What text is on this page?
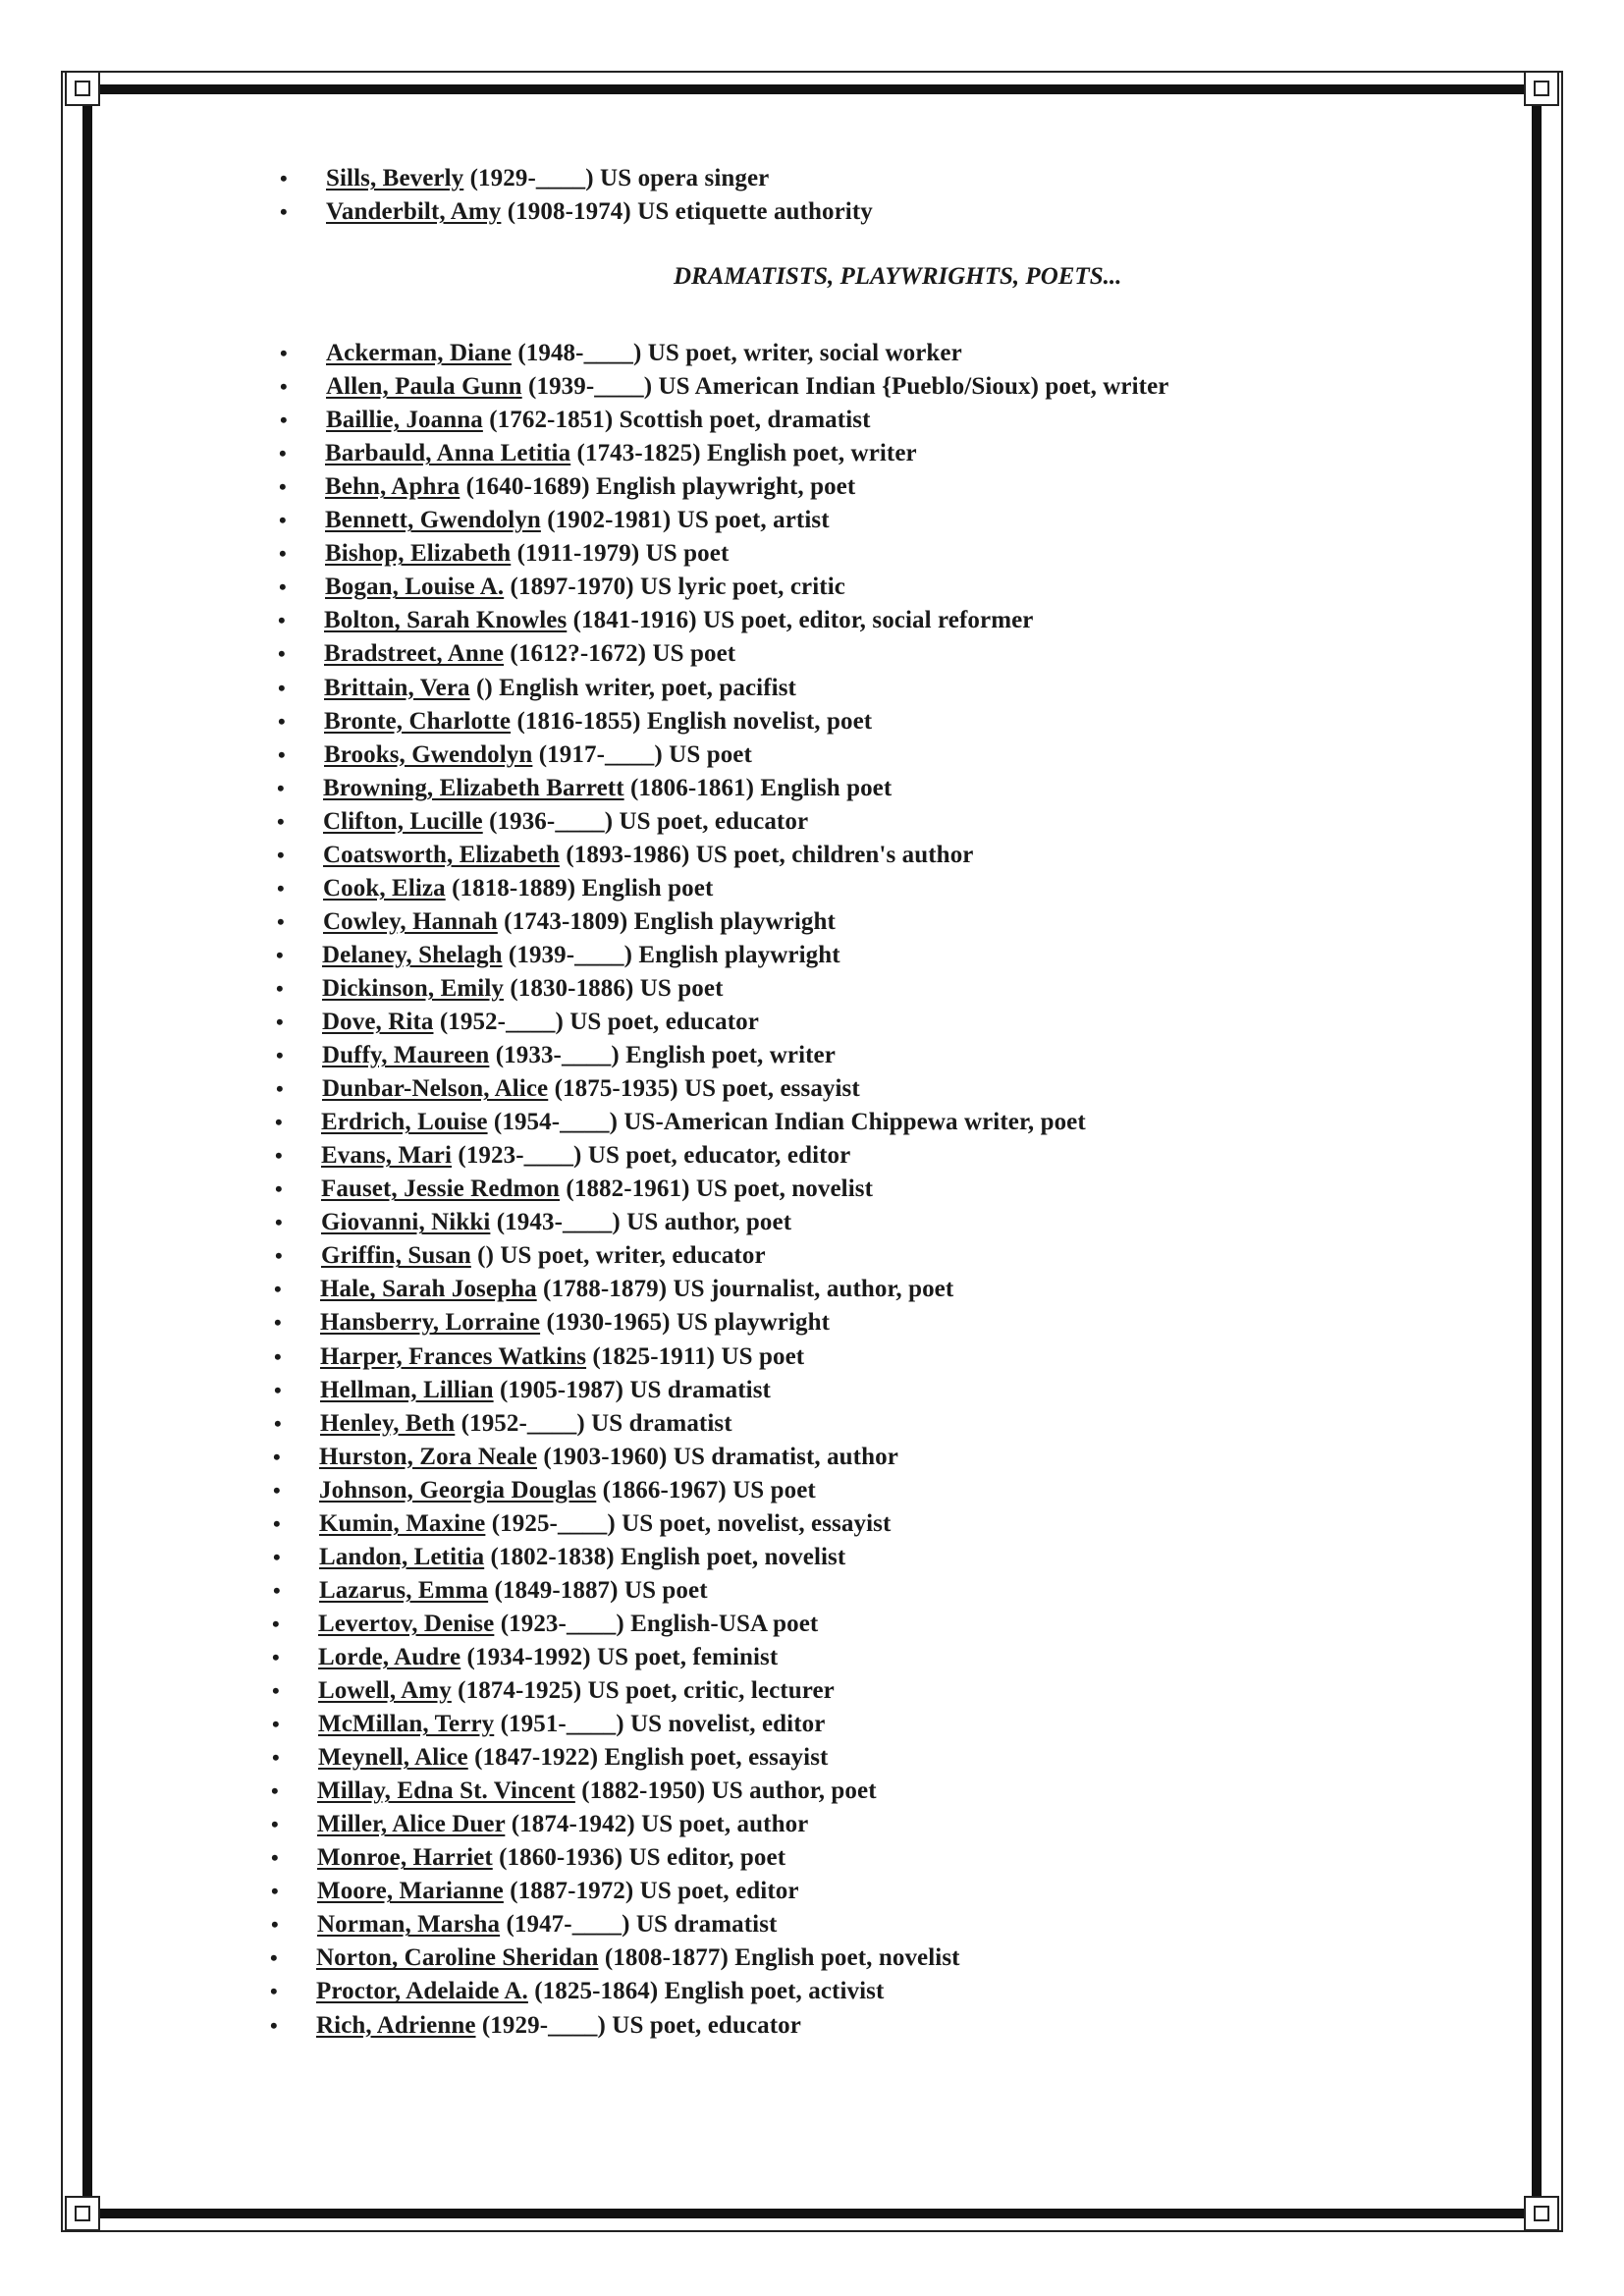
DRAMATISTS, PLAYWRIGHTS, POETS...
• Sills, Beverly (1929-____) US opera singer
• Vanderbilt, Amy (1908-1974) US etiquette authority
• Ackerman, Diane (1948-____) US poet, writer, social worker
• Allen, Paula Gunn (1939-____) US American Indian {Pueblo/Sioux) poet, writer
• Baillie, Joanna (1762-1851) Scottish poet, dramatist
• Barbauld, Anna Letitia (1743-1825) English poet, writer
• Behn, Aphra (1640-1689) English playwright, poet
• Bennett, Gwendolyn (1902-1981) US poet, artist
• Bishop, Elizabeth (1911-1979) US poet
• Bogan, Louise A. (1897-1970) US lyric poet, critic
• Bolton, Sarah Knowles (1841-1916) US poet, editor, social reformer
• Bradstreet, Anne (1612?-1672) US poet
• Brittain, Vera () English writer, poet, pacifist
• Bronte, Charlotte (1816-1855) English novelist, poet
• Brooks, Gwendolyn (1917-____) US poet
• Browning, Elizabeth Barrett (1806-1861) English poet
• Clifton, Lucille (1936-____) US poet, educator
• Coatsworth, Elizabeth (1893-1986) US poet, children's author
• Cook, Eliza (1818-1889) English poet
• Cowley, Hannah (1743-1809) English playwright
• Delaney, Shelagh (1939-____) English playwright
• Dickinson, Emily (1830-1886) US poet
• Dove, Rita (1952-____) US poet, educator
• Duffy, Maureen (1933-____) English poet, writer
• Dunbar-Nelson, Alice (1875-1935) US poet, essayist
• Erdrich, Louise (1954-____) US-American Indian Chippewa writer, poet
• Evans, Mari (1923-____) US poet, educator, editor
• Fauset, Jessie Redmon (1882-1961) US poet, novelist
• Giovanni, Nikki (1943-____) US author, poet
• Griffin, Susan () US poet, writer, educator
• Hale, Sarah Josepha (1788-1879) US journalist, author, poet
• Hansberry, Lorraine (1930-1965) US playwright
• Harper, Frances Watkins (1825-1911) US poet
• Hellman, Lillian (1905-1987) US dramatist
• Henley, Beth (1952-____) US dramatist
• Hurston, Zora Neale (1903-1960) US dramatist, author
• Johnson, Georgia Douglas (1866-1967) US poet
• Kumin, Maxine (1925-____) US poet, novelist, essayist
• Landon, Letitia (1802-1838) English poet, novelist
• Lazarus, Emma (1849-1887) US poet
• Levertov, Denise (1923-____) English-USA poet
• Lorde, Audre (1934-1992) US poet, feminist
• Lowell, Amy (1874-1925) US poet, critic, lecturer
• McMillan, Terry (1951-____) US novelist, editor
• Meynell, Alice (1847-1922) English poet, essayist
• Millay, Edna St. Vincent (1882-1950) US author, poet
• Miller, Alice Duer (1874-1942) US poet, author
• Monroe, Harriet (1860-1936) US editor, poet
• Moore, Marianne (1887-1972) US poet, editor
• Norman, Marsha (1947-____) US dramatist
• Norton, Caroline Sheridan (1808-1877) English poet, novelist
• Proctor, Adelaide A. (1825-1864) English poet, activist
• Rich, Adrienne (1929-____) US poet, educator
